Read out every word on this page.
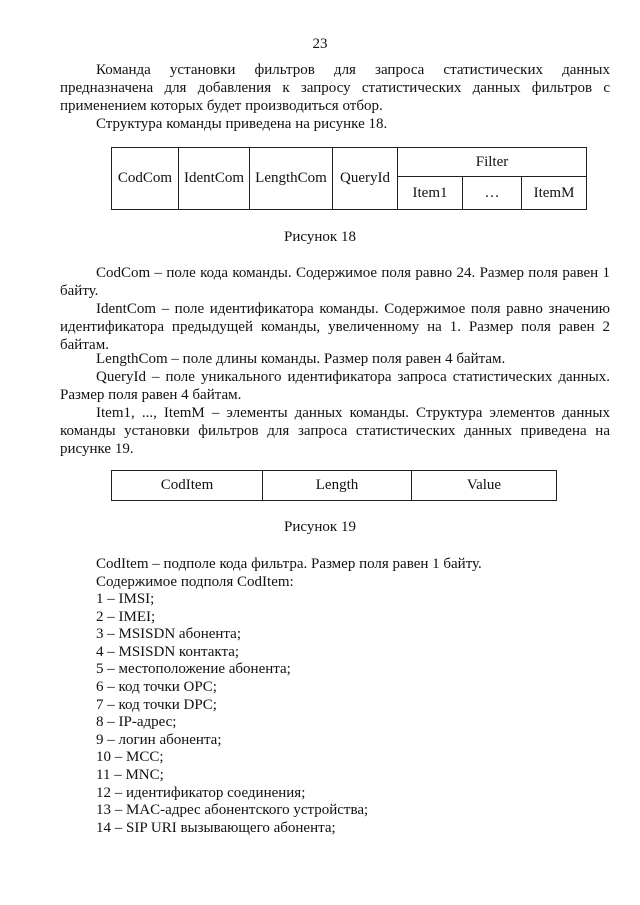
23
Команда установки фильтров для запроса статистических данных предназначена для добавления к запросу статистических данных фильтров с применением которых будет производиться отбор.
Структура команды приведена на рисунке 18.
CodCom	IdentCom	LengthCom	QueryId	Filter		
				Item1	…	ItemM
Рисунок 18
CodCom – поле кода команды. Содержимое поля равно 24. Размер поля равен 1 байту.
IdentCom – поле идентификатора команды. Содержимое поля равно значению идентификатора предыдущей команды, увеличенному на 1. Размер поля равен 2 байтам.
LengthCom – поле длины команды. Размер поля равен 4 байтам.
QueryId – поле уникального идентификатора запроса статистических данных. Размер поля равен 4 байтам.
Item1, ..., ItemM – элементы данных команды. Структура элементов данных команды установки фильтров для запроса статистических данных приведена на рисунке 19.
CodItem	Length	Value
Рисунок 19
CodItem – подполе кода фильтра. Размер поля равен 1 байту.
Содержимое подполя CodItem:
1 – IMSI;
2 – IMEI;
3 – MSISDN абонента;
4 – MSISDN контакта;
5 – местоположение абонента;
6 – код точки OPC;
7 – код точки DPC;
8 – IP-адрес;
9 – логин абонента;
10 – MCC;
11 – MNC;
12 – идентификатор соединения;
13 – MAC-адрес абонентского устройства;
14 – SIP URI вызывающего абонента;
